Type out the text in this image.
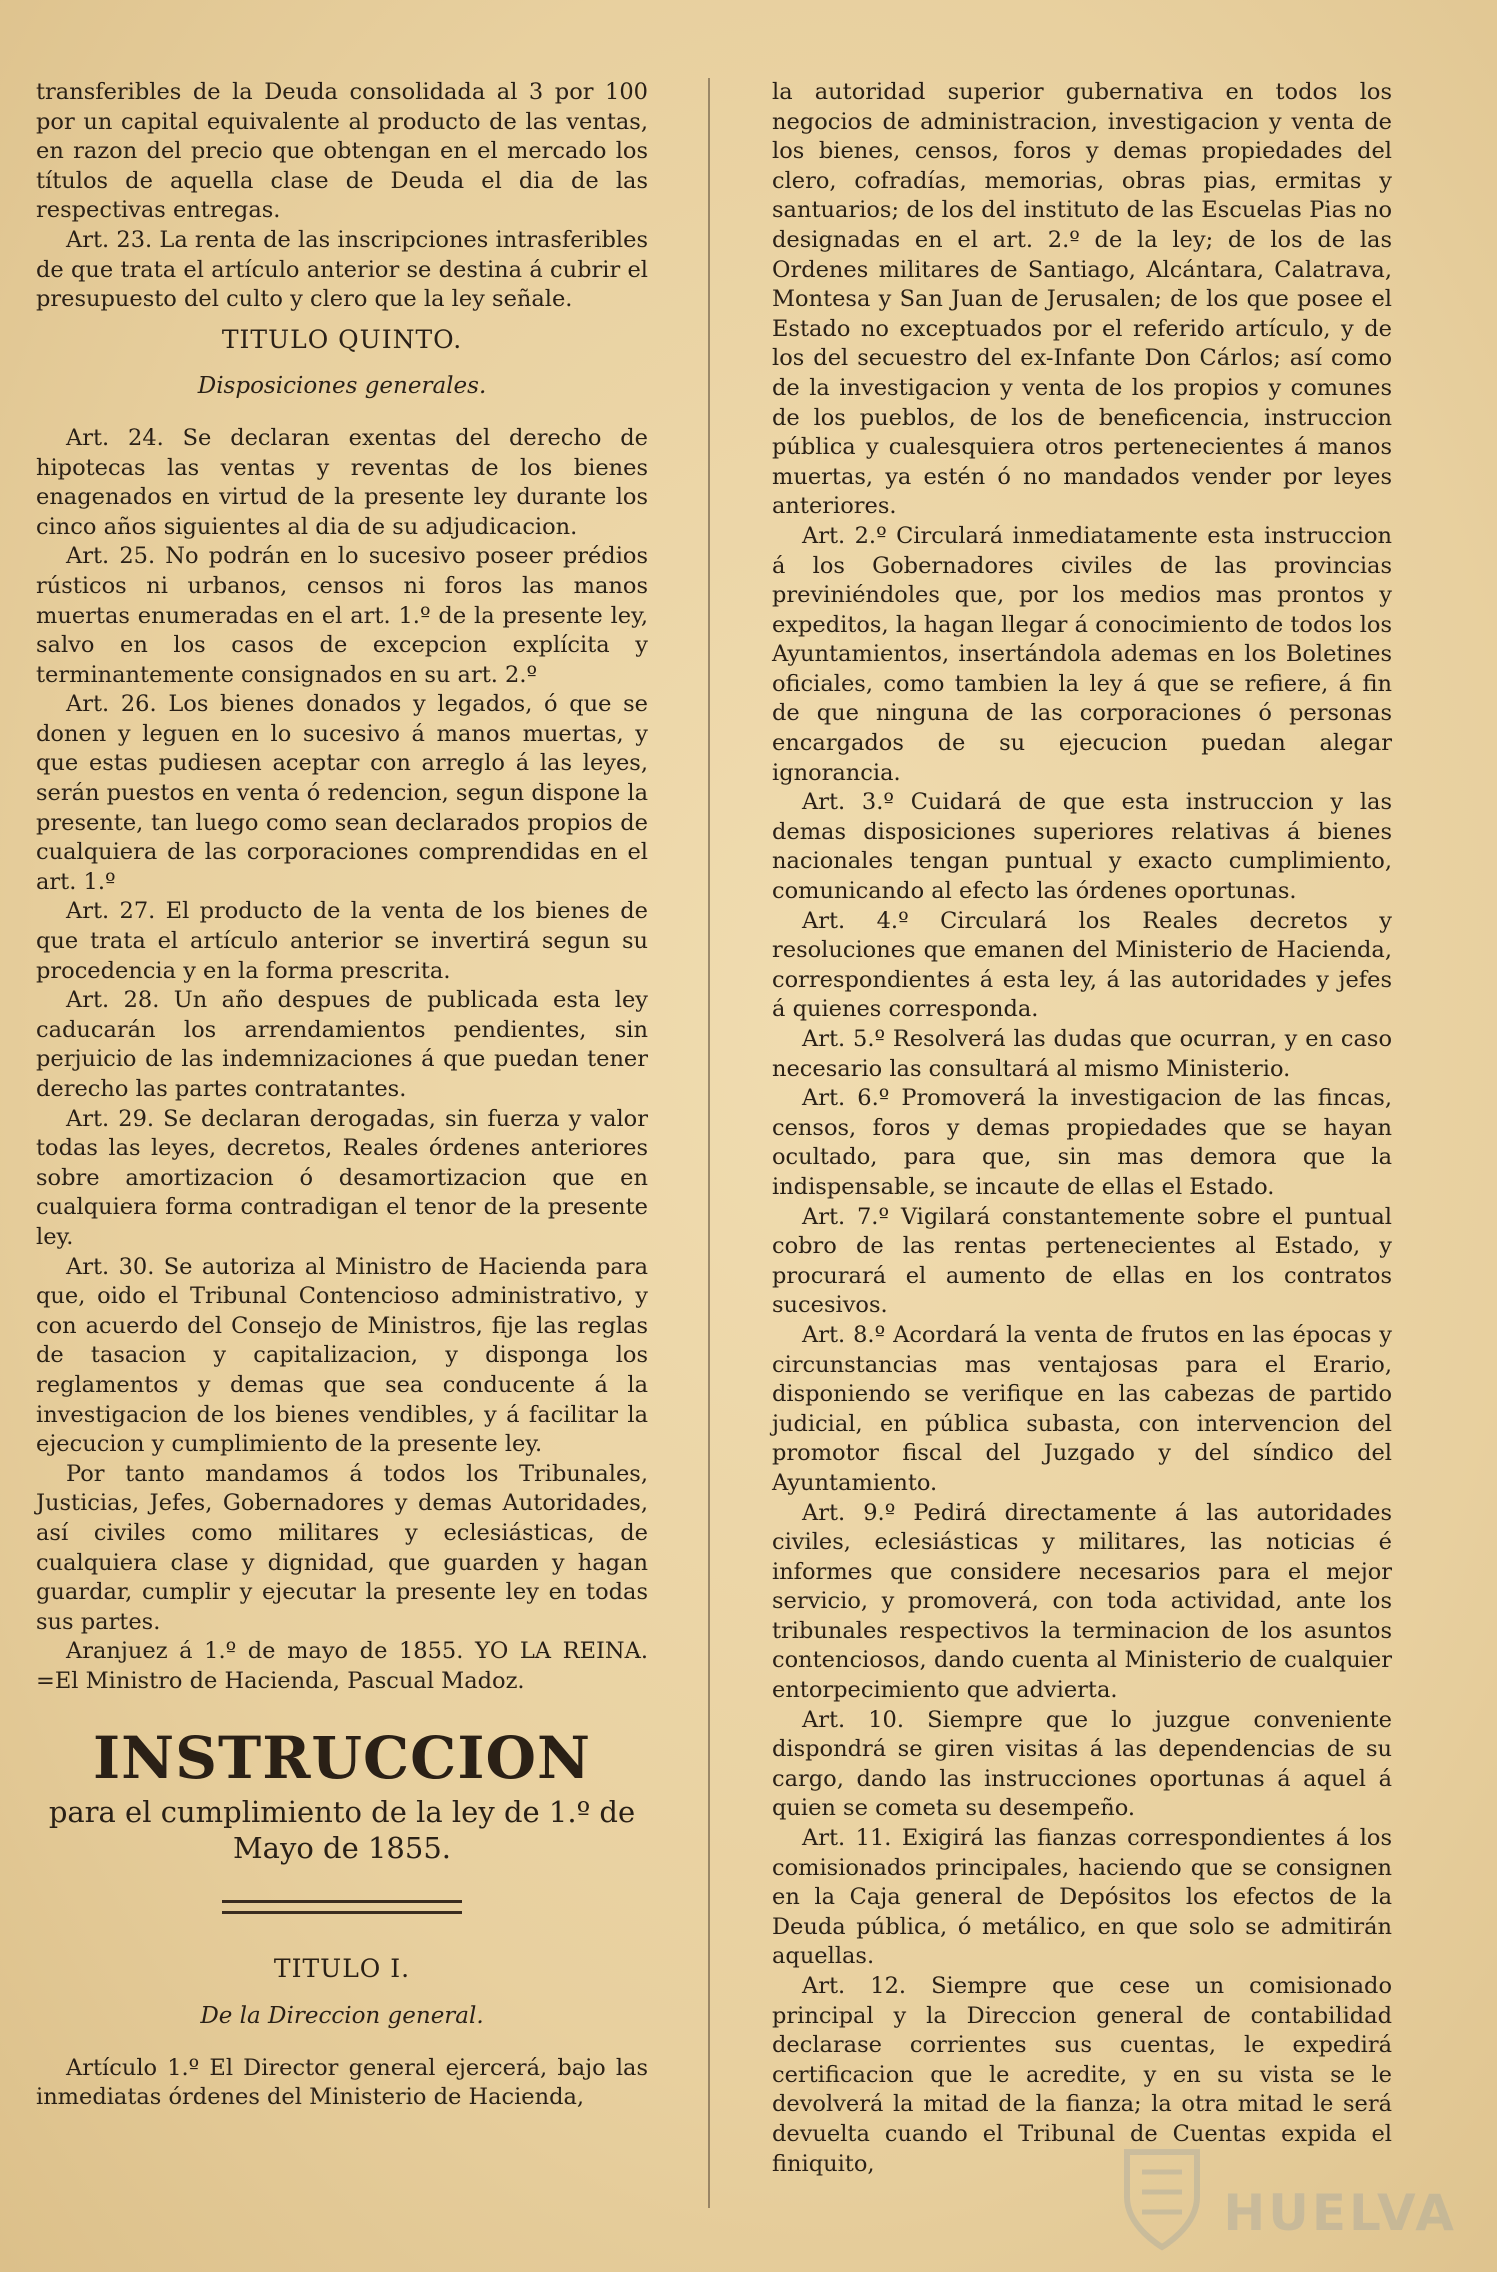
transferibles de la Deuda consolidada al 3 por 100 por un capital equivalente al producto de las ventas, en razon del precio que obtengan en el mercado los títulos de aquella clase de Deuda el dia de las respectivas entregas.

Art. 23. La renta de las inscripciones intrasferibles de que trata el artículo anterior se destina á cubrir el presupuesto del culto y clero que la ley señale.

TITULO QUINTO.

Disposiciones generales.

Art. 24. Se declaran exentas del derecho de hipotecas las ventas y reventas de los bienes enagenados en virtud de la presente ley durante los cinco años siguientes al dia de su adjudicacion.

Art. 25. No podrán en lo sucesivo poseer prédios rústicos ni urbanos, censos ni foros las manos muertas enumeradas en el art. 1.º de la presente ley, salvo en los casos de excepcion explícita y terminantemente consignados en su art. 2.º

Art. 26. Los bienes donados y legados, ó que se donen y leguen en lo sucesivo á manos muertas, y que estas pudiesen aceptar con arreglo á las leyes, serán puestos en venta ó redencion, segun dispone la presente, tan luego como sean declarados propios de cualquiera de las corporaciones comprendidas en el art. 1.º

Art. 27. El producto de la venta de los bienes de que trata el artículo anterior se invertirá segun su procedencia y en la forma prescrita.

Art. 28. Un año despues de publicada esta ley caducarán los arrendamientos pendientes, sin perjuicio de las indemnizaciones á que puedan tener derecho las partes contratantes.

Art. 29. Se declaran derogadas, sin fuerza y valor todas las leyes, decretos, Reales órdenes anteriores sobre amortizacion ó desamortizacion que en cualquiera forma contradigan el tenor de la presente ley.

Art. 30. Se autoriza al Ministro de Hacienda para que, oido el Tribunal Contencioso administrativo, y con acuerdo del Consejo de Ministros, fije las reglas de tasacion y capitalizacion, y disponga los reglamentos y demas que sea conducente á la investigacion de los bienes vendibles, y á facilitar la ejecucion y cumplimiento de la presente ley.

Por tanto mandamos á todos los Tribunales, Justicias, Jefes, Gobernadores y demas Autoridades, así civiles como militares y eclesiásticas, de cualquiera clase y dignidad, que guarden y hagan guardar, cumplir y ejecutar la presente ley en todas sus partes.

Aranjuez á 1.º de mayo de 1855. YO LA REINA. =El Ministro de Hacienda, Pascual Madoz.

INSTRUCCION

para el cumplimiento de la ley de 1.º de Mayo de 1855.

TITULO I.

De la Direccion general.

Artículo 1.º El Director general ejercerá, bajo las inmediatas órdenes del Ministerio de Hacienda,

la autoridad superior gubernativa en todos los negocios de administracion, investigacion y venta de los bienes, censos, foros y demas propiedades del clero, cofradías, memorias, obras pias, ermitas y santuarios; de los del instituto de las Escuelas Pias no designadas en el art. 2.º de la ley; de los de las Ordenes militares de Santiago, Alcántara, Calatrava, Montesa y San Juan de Jerusalen; de los que posee el Estado no exceptuados por el referido artículo, y de los del secuestro del ex-Infante Don Cárlos; así como de la investigacion y venta de los propios y comunes de los pueblos, de los de beneficencia, instruccion pública y cualesquiera otros pertenecientes á manos muertas, ya estén ó no mandados vender por leyes anteriores.

Art. 2.º Circulará inmediatamente esta instruccion á los Gobernadores civiles de las provincias previniéndoles que, por los medios mas prontos y expeditos, la hagan llegar á conocimiento de todos los Ayuntamientos, insertándola ademas en los Boletines oficiales, como tambien la ley á que se refiere, á fin de que ninguna de las corporaciones ó personas encargados de su ejecucion puedan alegar ignorancia.

Art. 3.º Cuidará de que esta instruccion y las demas disposiciones superiores relativas á bienes nacionales tengan puntual y exacto cumplimiento, comunicando al efecto las órdenes oportunas.

Art. 4.º Circulará los Reales decretos y resoluciones que emanen del Ministerio de Hacienda, correspondientes á esta ley, á las autoridades y jefes á quienes corresponda.

Art. 5.º Resolverá las dudas que ocurran, y en caso necesario las consultará al mismo Ministerio.

Art. 6.º Promoverá la investigacion de las fincas, censos, foros y demas propiedades que se hayan ocultado, para que, sin mas demora que la indispensable, se incaute de ellas el Estado.

Art. 7.º Vigilará constantemente sobre el puntual cobro de las rentas pertenecientes al Estado, y procurará el aumento de ellas en los contratos sucesivos.

Art. 8.º Acordará la venta de frutos en las épocas y circunstancias mas ventajosas para el Erario, disponiendo se verifique en las cabezas de partido judicial, en pública subasta, con intervencion del promotor fiscal del Juzgado y del síndico del Ayuntamiento.

Art. 9.º Pedirá directamente á las autoridades civiles, eclesiásticas y militares, las noticias é informes que considere necesarios para el mejor servicio, y promoverá, con toda actividad, ante los tribunales respectivos la terminacion de los asuntos contenciosos, dando cuenta al Ministerio de cualquier entorpecimiento que advierta.

Art. 10. Siempre que lo juzgue conveniente dispondrá se giren visitas á las dependencias de su cargo, dando las instrucciones oportunas á aquel á quien se cometa su desempeño.

Art. 11. Exigirá las fianzas correspondientes á los comisionados principales, haciendo que se consignen en la Caja general de Depósitos los efectos de la Deuda pública, ó metálico, en que solo se admitirán aquellas.

Art. 12. Siempre que cese un comisionado principal y la Direccion general de contabilidad declarase corrientes sus cuentas, le expedirá certificacion que le acredite, y en su vista se le devolverá la mitad de la fianza; la otra mitad le será devuelta cuando el Tribunal de Cuentas expida el finiquito,

HUELVA
